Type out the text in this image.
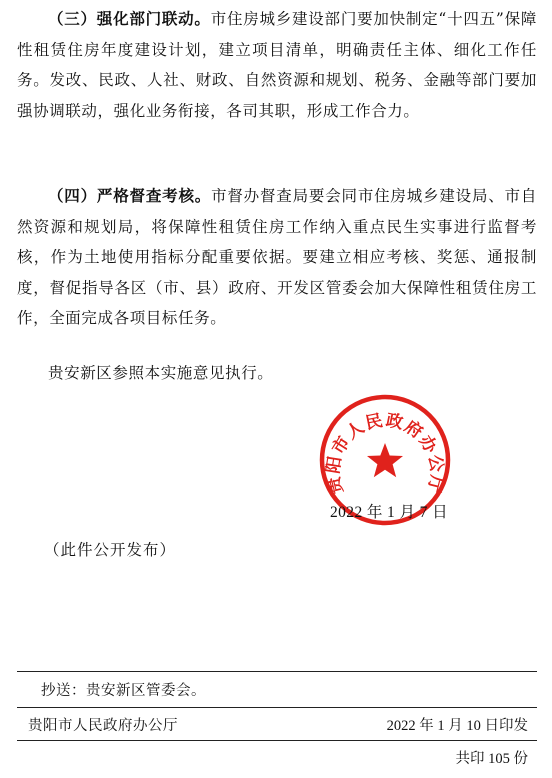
（三）强化部门联动。市住房城乡建设部门要加快制定“十四五”保障性租赁住房年度建设计划，建立项目清单，明确责任主体、细化工作任务。发改、民政、人社、财政、自然资源和规划、税务、金融等部门要加强协调联动，强化业务衔接，各司其职，形成工作合力。

（四）严格督查考核。市督办督查局要会同市住房城乡建设局、市自然资源和规划局，将保障性租赁住房工作纳入重点民生实事进行监督考核，作为土地使用指标分配重要依据。要建立相应考核、奖惩、通报制度，督促指导各区（市、县）政府、开发区管委会加大保障性租赁住房工作，全面完成各项目标任务。

贵安新区参照本实施意见执行。

贵阳市人民政府办公厅
2022 年 1 月 7 日
（此件公开发布）
抄送：贵安新区管委会。
贵阳市人民政府办公厅	2022 年 1 月 10 日印发
共印 105 份
